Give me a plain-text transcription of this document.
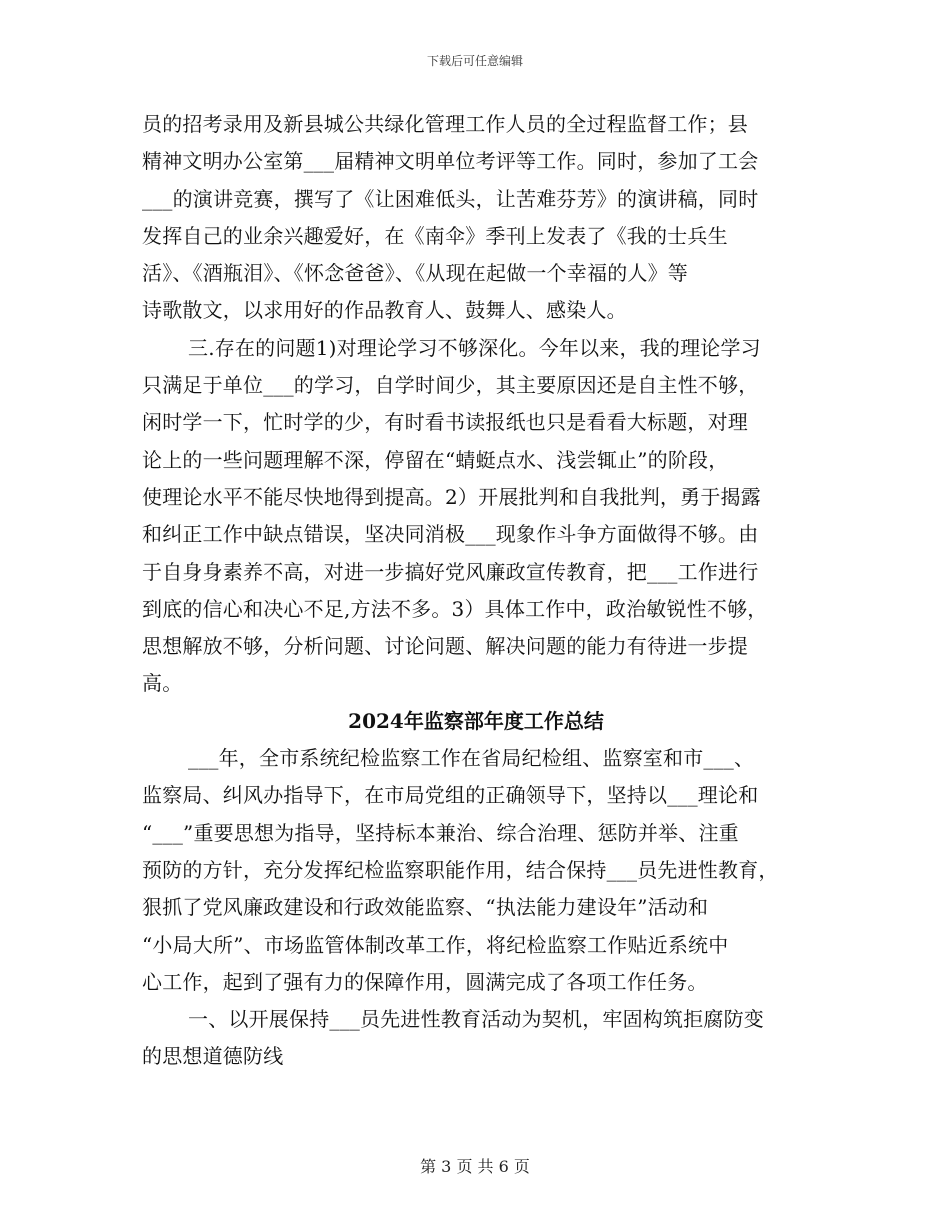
下载后可任意编辑
员的招考录用及新县城公共绿化管理工作人员的全过程监督工作；县
精神文明办公室第___届精神文明单位考评等工作。同时，参加了工会
___的演讲竞赛，撰写了《让困难低头，让苦难芬芳》的演讲稿，同时
发挥自己的业余兴趣爱好，在《南伞》季刊上发表了《我的士兵生
活》、《酒瓶泪》、《怀念爸爸》、《从现在起做一个幸福的人》等
诗歌散文，以求用好的作品教育人、鼓舞人、感染人。
三.存在的问题1)对理论学习不够深化。今年以来，我的理论学习
只满足于单位___的学习，自学时间少，其主要原因还是自主性不够，
闲时学一下，忙时学的少，有时看书读报纸也只是看看大标题，对理
论上的一些问题理解不深，停留在“蜻蜓点水、浅尝辄止”的阶段，
使理论水平不能尽快地得到提高。2）开展批判和自我批判，勇于揭露
和纠正工作中缺点错误，坚决同消极___现象作斗争方面做得不够。由
于自身身素养不高，对进一步搞好党风廉政宣传教育，把___工作进行
到底的信心和决心不足,方法不多。3）具体工作中，政治敏锐性不够，
思想解放不够，分析问题、讨论问题、解决问题的能力有待进一步提
高。
2024年监察部年度工作总结
___年，全市系统纪检监察工作在省局纪检组、监察室和市___、
监察局、纠风办指导下，在市局党组的正确领导下，坚持以___理论和
“___”重要思想为指导，坚持标本兼治、综合治理、惩防并举、注重
预防的方针，充分发挥纪检监察职能作用，结合保持___员先进性教育，
狠抓了党风廉政建设和行政效能监察、“执法能力建设年”活动和
“小局大所”、市场监管体制改革工作，将纪检监察工作贴近系统中
心工作，起到了强有力的保障作用，圆满完成了各项工作任务。
一、以开展保持___员先进性教育活动为契机，牢固构筑拒腐防变
的思想道德防线
第 3 页 共 6 页
